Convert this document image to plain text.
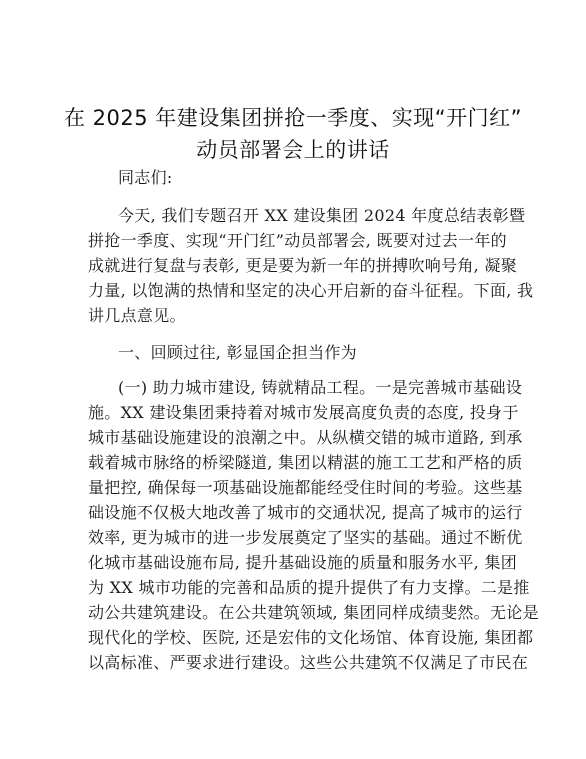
在 2025 年建设集团拼抢一季度、实现“开门红”
动员部署会上的讲话
同志们:
今天, 我们专题召开 XX 建设集团 2024 年度总结表彰暨
拼抢一季度、实现“开门红”动员部署会, 既要对过去一年的
成就进行复盘与表彰, 更是要为新一年的拼搏吹响号角, 凝聚
力量, 以饱满的热情和坚定的决心开启新的奋斗征程。下面, 我
讲几点意见。
一、回顾过往, 彰显国企担当作为
(一) 助力城市建设, 铸就精品工程。一是完善城市基础设
施。XX 建设集团秉持着对城市发展高度负责的态度, 投身于
城市基础设施建设的浪潮之中。从纵横交错的城市道路, 到承
载着城市脉络的桥梁隧道, 集团以精湛的施工工艺和严格的质
量把控, 确保每一项基础设施都能经受住时间的考验。这些基
础设施不仅极大地改善了城市的交通状况, 提高了城市的运行
效率, 更为城市的进一步发展奠定了坚实的基础。通过不断优
化城市基础设施布局, 提升基础设施的质量和服务水平, 集团
为 XX 城市功能的完善和品质的提升提供了有力支撑。二是推
动公共建筑建设。在公共建筑领域, 集团同样成绩斐然。无论是
现代化的学校、医院, 还是宏伟的文化场馆、体育设施, 集团都
以高标准、严要求进行建设。这些公共建筑不仅满足了市民在
